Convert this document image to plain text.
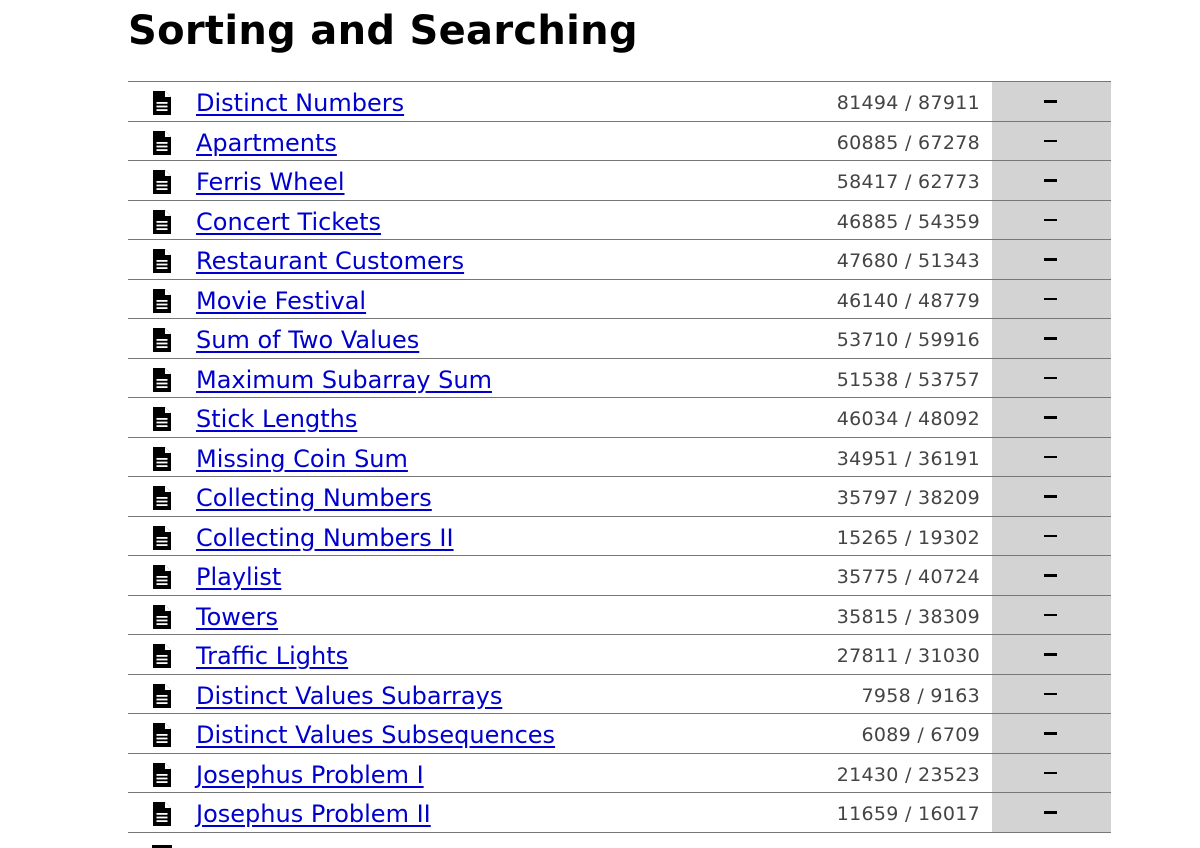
Sorting and Searching
Distinct Numbers	81494 / 87911
Apartments	60885 / 67278
Ferris Wheel	58417 / 62773
Concert Tickets	46885 / 54359
Restaurant Customers	47680 / 51343
Movie Festival	46140 / 48779
Sum of Two Values	53710 / 59916
Maximum Subarray Sum	51538 / 53757
Stick Lengths	46034 / 48092
Missing Coin Sum	34951 / 36191
Collecting Numbers	35797 / 38209
Collecting Numbers II	15265 / 19302
Playlist	35775 / 40724
Towers	35815 / 38309
Traffic Lights	27811 / 31030
Distinct Values Subarrays	7958 / 9163
Distinct Values Subsequences	6089 / 6709
Josephus Problem I	21430 / 23523
Josephus Problem II	11659 / 16017
